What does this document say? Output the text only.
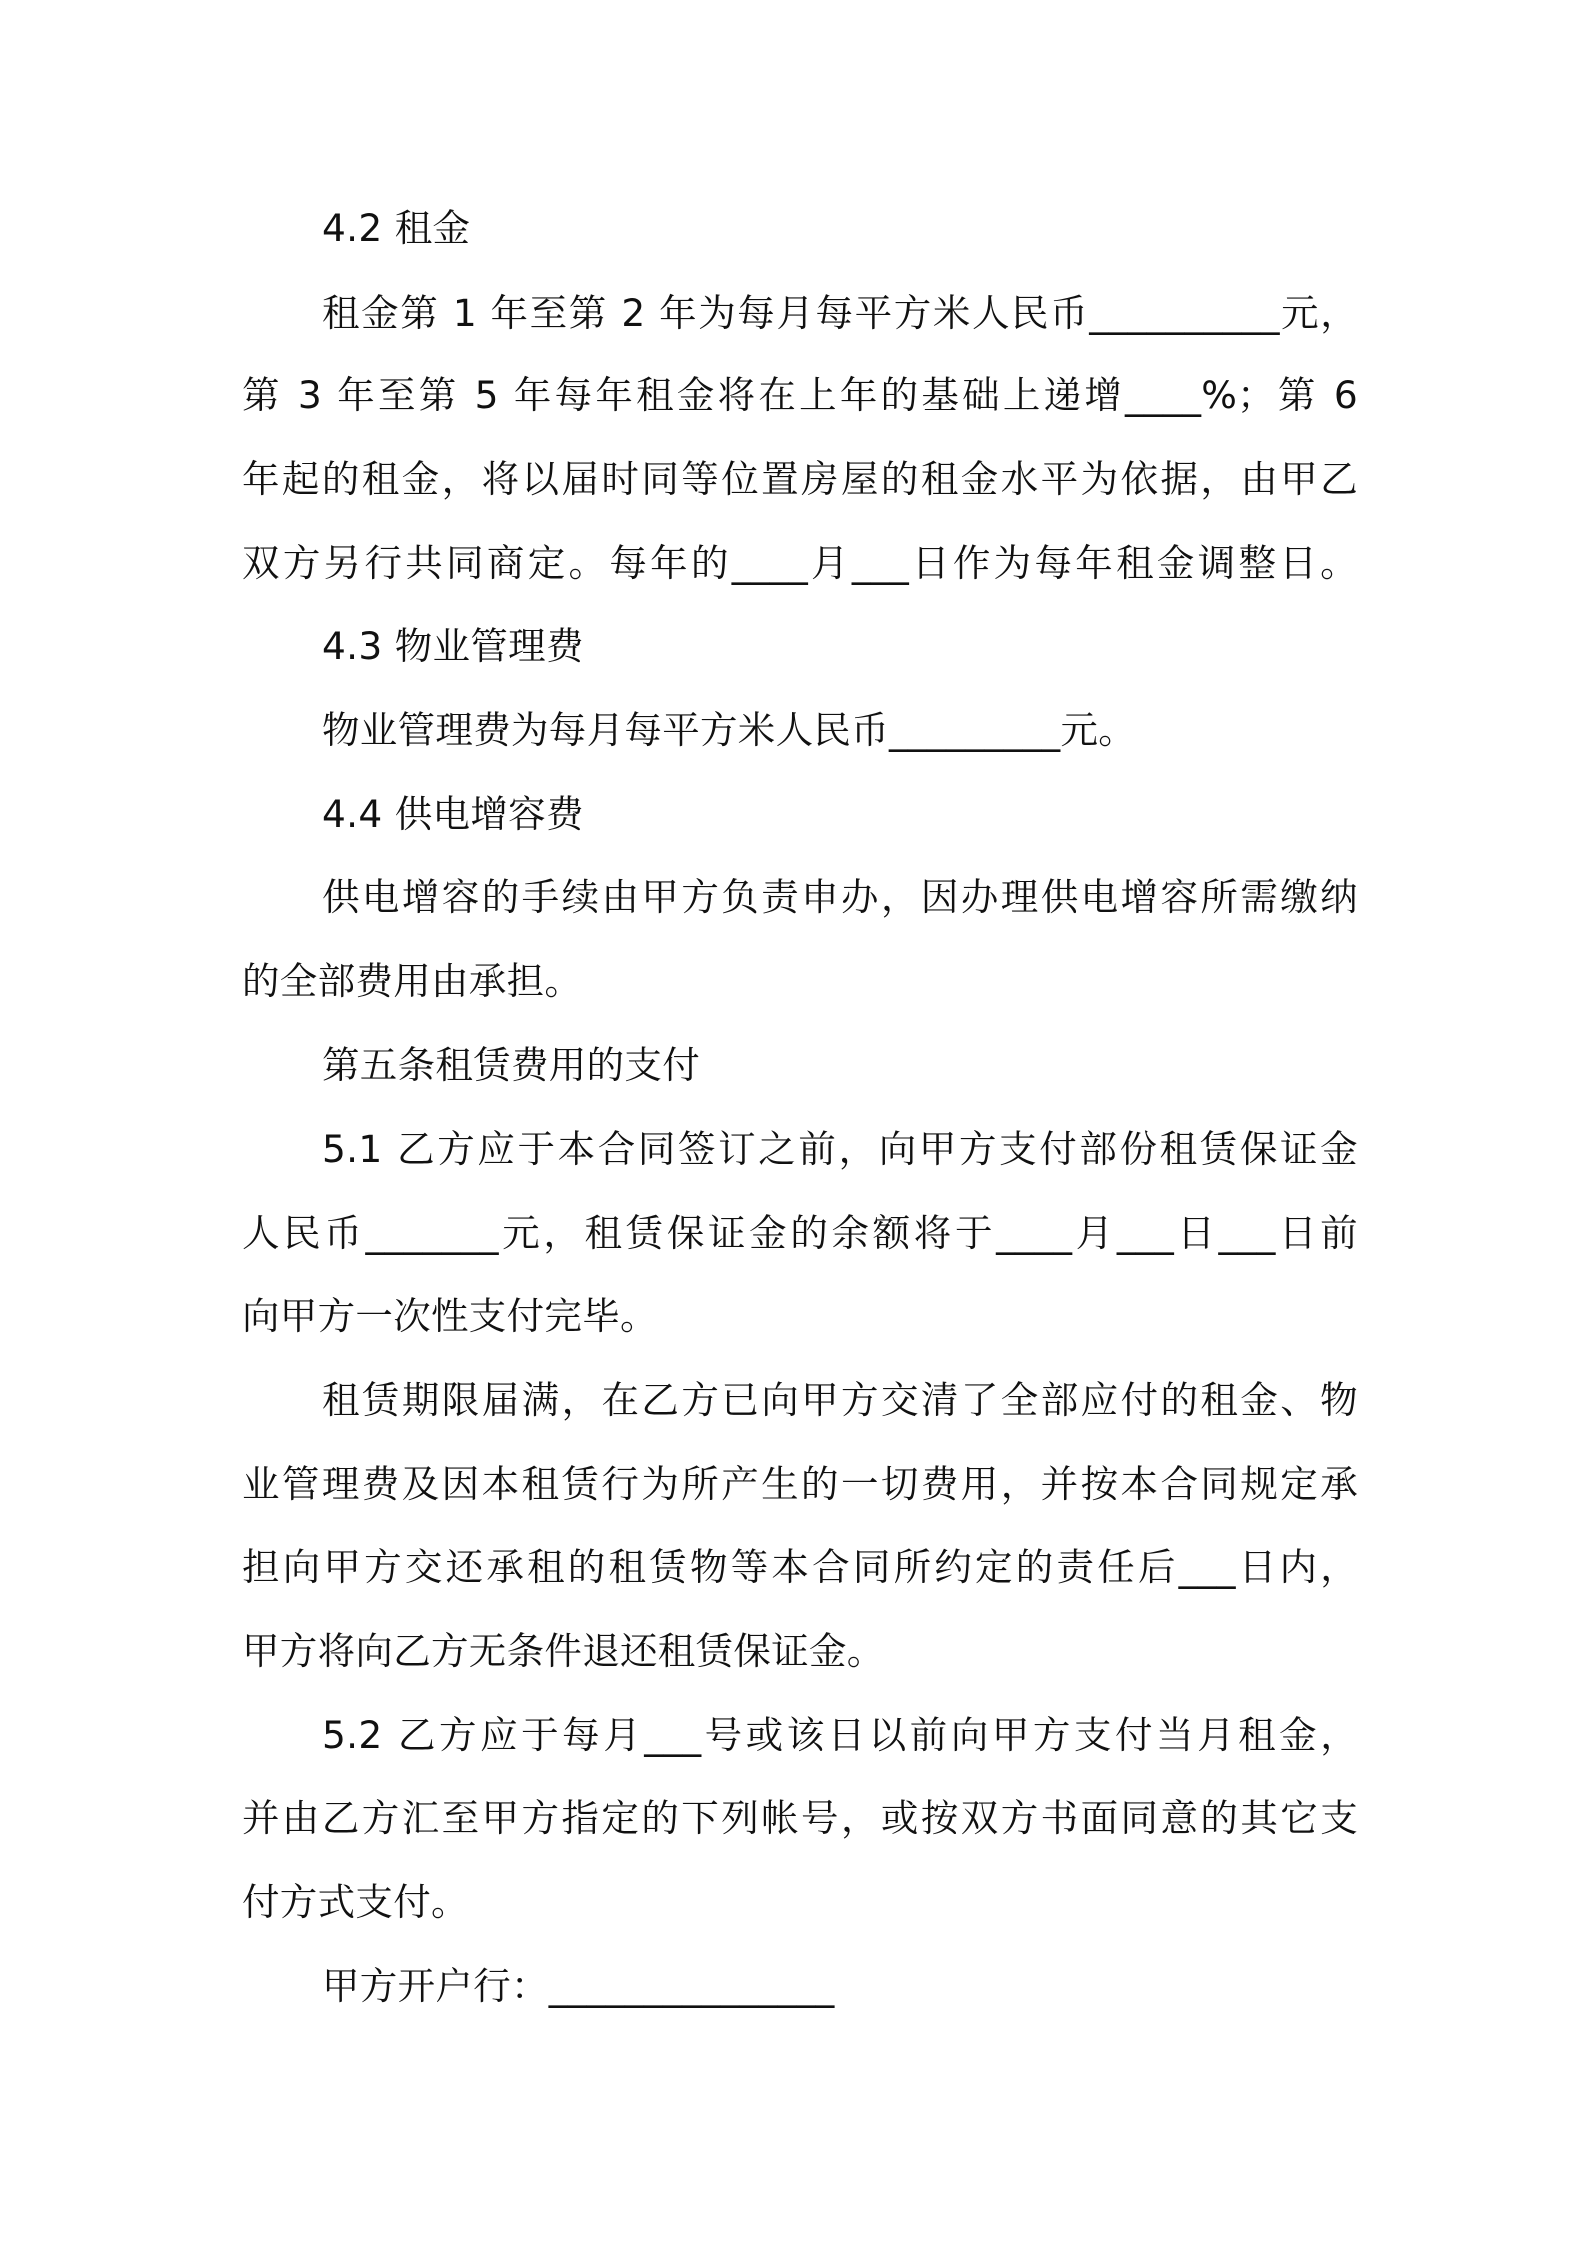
4.2 租金
租金第 1 年至第 2 年为每月每平方米人民币__________元，
第 3 年至第 5 年每年租金将在上年的基础上递增____%；第 6
年起的租金，将以届时同等位置房屋的租金水平为依据，由甲乙
双方另行共同商定。每年的____月___日作为每年租金调整日。
4.3 物业管理费
物业管理费为每月每平方米人民币_________元。
4.4 供电增容费
供电增容的手续由甲方负责申办，因办理供电增容所需缴纳
的全部费用由承担。
第五条租赁费用的支付
5.1 乙方应于本合同签订之前，向甲方支付部份租赁保证金
人民币_______元，租赁保证金的余额将于____月___日___日前
向甲方一次性支付完毕。
租赁期限届满，在乙方已向甲方交清了全部应付的租金、物
业管理费及因本租赁行为所产生的一切费用，并按本合同规定承
担向甲方交还承租的租赁物等本合同所约定的责任后___日内，
甲方将向乙方无条件退还租赁保证金。
5.2 乙方应于每月___号或该日以前向甲方支付当月租金，
并由乙方汇至甲方指定的下列帐号，或按双方书面同意的其它支
付方式支付。
甲方开户行：_______________
